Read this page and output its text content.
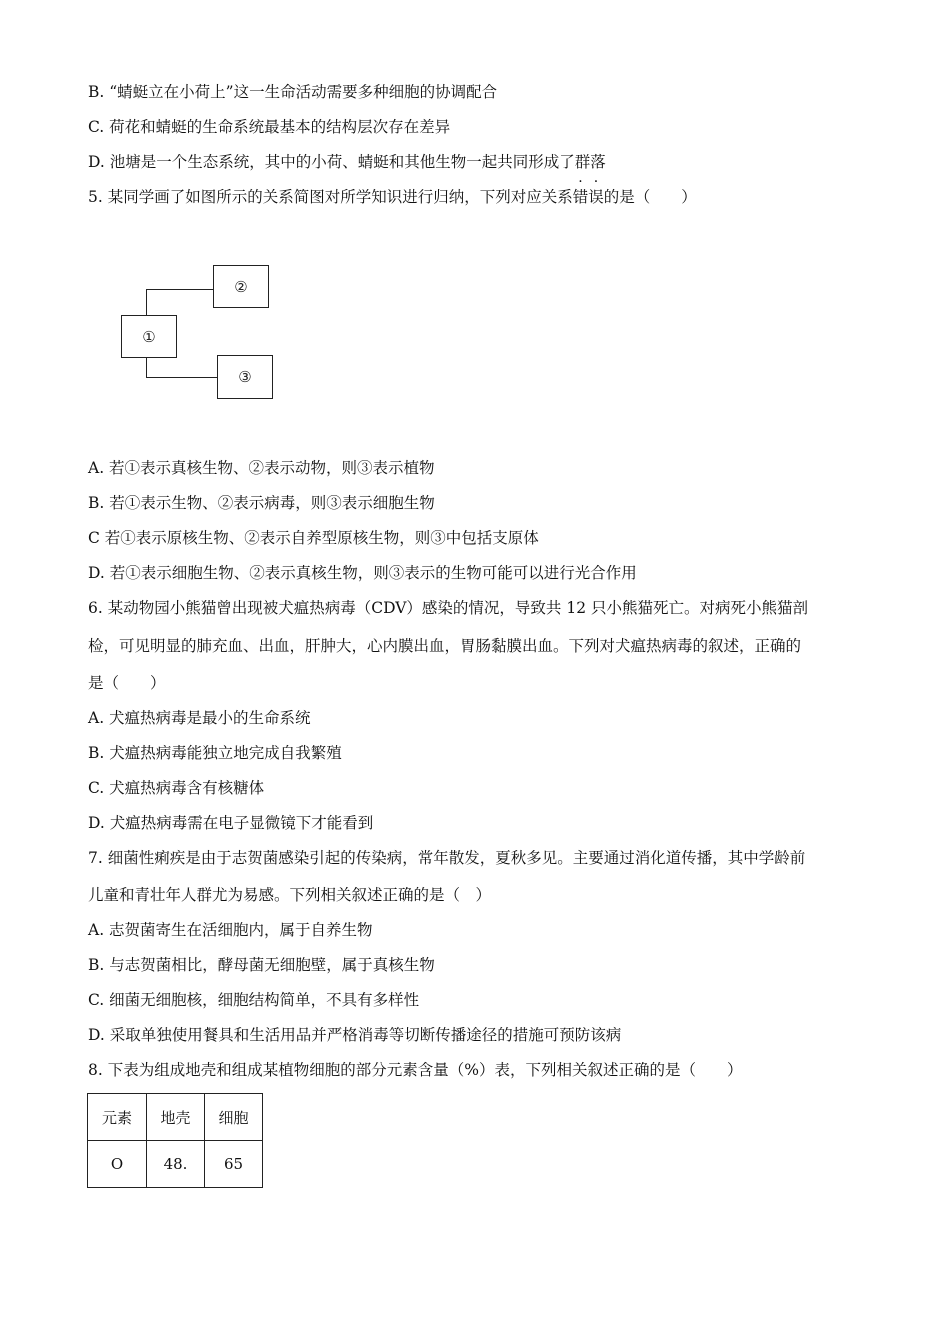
B. “蜻蜓立在小荷上”这一生命活动需要多种细胞的协调配合
C. 荷花和蜻蜓的生命系统最基本的结构层次存在差异
D. 池塘是一个生态系统，其中的小荷、蜻蜓和其他生物一起共同形成了群落
5. 某同学画了如图所示的关系简图对所学知识进行归纳，下列对应关系错误的是（　　）
①
②
③
A. 若①表示真核生物、②表示动物，则③表示植物
B. 若①表示生物、②表示病毒，则③表示细胞生物
C 若①表示原核生物、②表示自养型原核生物，则③中包括支原体
D. 若①表示细胞生物、②表示真核生物，则③表示的生物可能可以进行光合作用
6. 某动物园小熊猫曾出现被犬瘟热病毒（CDV）感染的情况，导致共 12 只小熊猫死亡。对病死小熊猫剖
检，可见明显的肺充血、出血，肝肿大，心内膜出血，胃肠黏膜出血。下列对犬瘟热病毒的叙述，正确的
是（　　）
A. 犬瘟热病毒是最小的生命系统
B. 犬瘟热病毒能独立地完成自我繁殖
C. 犬瘟热病毒含有核糖体
D. 犬瘟热病毒需在电子显微镜下才能看到
7. 细菌性痢疾是由于志贺菌感染引起的传染病，常年散发，夏秋多见。主要通过消化道传播，其中学龄前
儿童和青壮年人群尤为易感。下列相关叙述正确的是（　）
A. 志贺菌寄生在活细胞内，属于自养生物
B. 与志贺菌相比，酵母菌无细胞壁，属于真核生物
C. 细菌无细胞核，细胞结构简单，不具有多样性
D. 采取单独使用餐具和生活用品并严格消毒等切断传播途径的措施可预防该病
8. 下表为组成地壳和组成某植物细胞的部分元素含量（%）表，下列相关叙述正确的是（　　）
元素	地壳	细胞
O	48.	65
